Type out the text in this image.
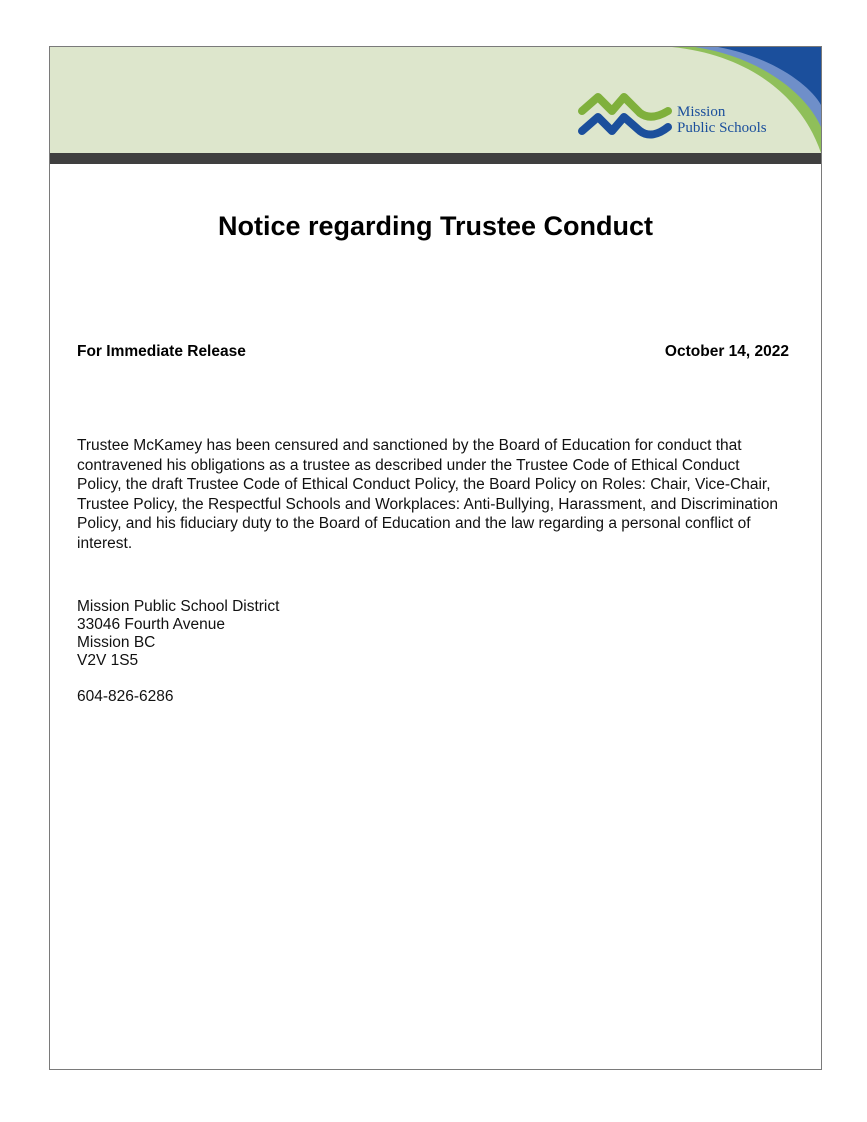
Mission
Public Schools
Notice regarding Trustee Conduct
For Immediate Release	October 14, 2022

Trustee McKamey has been censured and sanctioned by the Board of Education for conduct that contravened his obligations as a trustee as described under the Trustee Code of Ethical Conduct Policy, the draft Trustee Code of Ethical Conduct Policy, the Board Policy on Roles: Chair, Vice-Chair, Trustee Policy, the Respectful Schools and Workplaces: Anti-Bullying, Harassment, and Discrimination Policy, and his fiduciary duty to the Board of Education and the law regarding a personal conflict of interest.

Mission Public School District
33046 Fourth Avenue
Mission BC
V2V 1S5
604-826-6286
